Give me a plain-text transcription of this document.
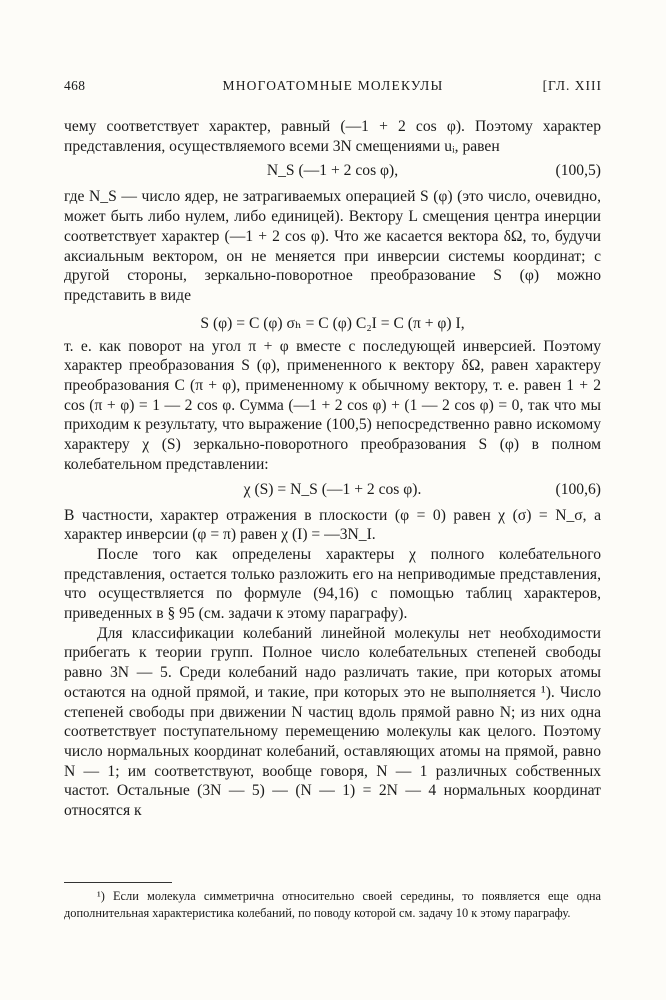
468	МНОГОАТОМНЫЕ МОЛЕКУЛЫ	[ГЛ. XIII

чему соответствует характер, равный (—1 + 2 cos φ). Поэтому характер представления, осуществляемого всеми 3N смещениями uᵢ, равен

N_S (—1 + 2 cos φ),	(100,5)

где N_S — число ядер, не затрагиваемых операцией S (φ) (это число, очевидно, может быть либо нулем, либо единицей). Вектору L смещения центра инерции соответствует характер (—1 + 2 cos φ). Что же касается вектора δΩ, то, будучи аксиальным вектором, он не меняется при инверсии системы координат; с другой стороны, зеркально-поворотное преобразование S (φ) можно представить в виде

S (φ) = C (φ) σₕ = C (φ) C₂I = C (π + φ) I,

т. е. как поворот на угол π + φ вместе с последующей инверсией. Поэтому характер преобразования S (φ), примененного к вектору δΩ, равен характеру преобразования C (π + φ), примененному к обычному вектору, т. е. равен 1 + 2 cos (π + φ) = 1 — 2 cos φ. Сумма (—1 + 2 cos φ) + (1 — 2 cos φ) = 0, так что мы приходим к результату, что выражение (100,5) непосредственно равно искомому характеру χ (S) зеркально-поворотного преобразования S (φ) в полном колебательном представлении:

χ (S) = N_S (—1 + 2 cos φ).	(100,6)

В частности, характер отражения в плоскости (φ = 0) равен χ (σ) = N_σ, а характер инверсии (φ = π) равен χ (I) = —3N_I.

После того как определены характеры χ полного колебательного представления, остается только разложить его на неприводимые представления, что осуществляется по формуле (94,16) с помощью таблиц характеров, приведенных в § 95 (см. задачи к этому параграфу).

Для классификации колебаний линейной молекулы нет необходимости прибегать к теории групп. Полное число колебательных степеней свободы равно 3N — 5. Среди колебаний надо различать такие, при которых атомы остаются на одной прямой, и такие, при которых это не выполняется ¹). Число степеней свободы при движении N частиц вдоль прямой равно N; из них одна соответствует поступательному перемещению молекулы как целого. Поэтому число нормальных координат колебаний, оставляющих атомы на прямой, равно N — 1; им соответствуют, вообще говоря, N — 1 различных собственных частот. Остальные (3N — 5) — (N — 1) = 2N — 4 нормальных координат относятся к

¹) Если молекула симметрична относительно своей середины, то появляется еще одна дополнительная характеристика колебаний, по поводу которой см. задачу 10 к этому параграфу.
